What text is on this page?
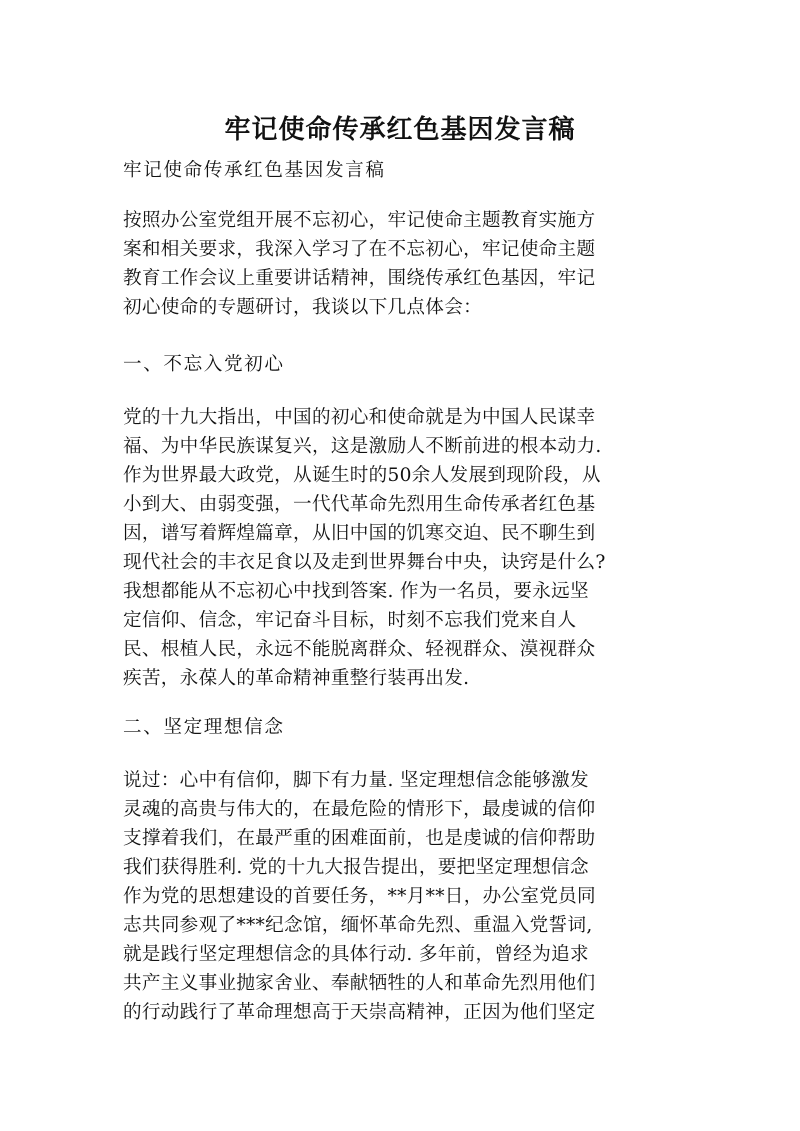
牢记使命传承红色基因发言稿
牢记使命传承红色基因发言稿
按照办公室党组开展不忘初心，牢记使命主题教育实施方
案和相关要求，我深入学习了在不忘初心，牢记使命主题
教育工作会议上重要讲话精神，围绕传承红色基因，牢记
初心使命的专题研讨，我谈以下几点体会：
一、不忘入党初心
党的十九大指出，中国的初心和使命就是为中国人民谋幸
福、为中华民族谋复兴，这是激励人不断前进的根本动力.
作为世界最大政党，从诞生时的50余人发展到现阶段，从
小到大、由弱变强，一代代革命先烈用生命传承者红色基
因，谱写着辉煌篇章，从旧中国的饥寒交迫、民不聊生到
现代社会的丰衣足食以及走到世界舞台中央，诀窍是什么?
我想都能从不忘初心中找到答案. 作为一名员，要永远坚
定信仰、信念，牢记奋斗目标，时刻不忘我们党来自人
民、根植人民，永远不能脱离群众、轻视群众、漠视群众
疾苦，永葆人的革命精神重整行装再出发.
二、坚定理想信念
说过：心中有信仰，脚下有力量. 坚定理想信念能够激发
灵魂的高贵与伟大的，在最危险的情形下，最虔诚的信仰
支撑着我们，在最严重的困难面前，也是虔诚的信仰帮助
我们获得胜利. 党的十九大报告提出，要把坚定理想信念
作为党的思想建设的首要任务，**月**日，办公室党员同
志共同参观了***纪念馆，缅怀革命先烈、重温入党誓词,
就是践行坚定理想信念的具体行动. 多年前，曾经为追求
共产主义事业抛家舍业、奉献牺牲的人和革命先烈用他们
的行动践行了革命理想高于天崇高精神，正因为他们坚定
